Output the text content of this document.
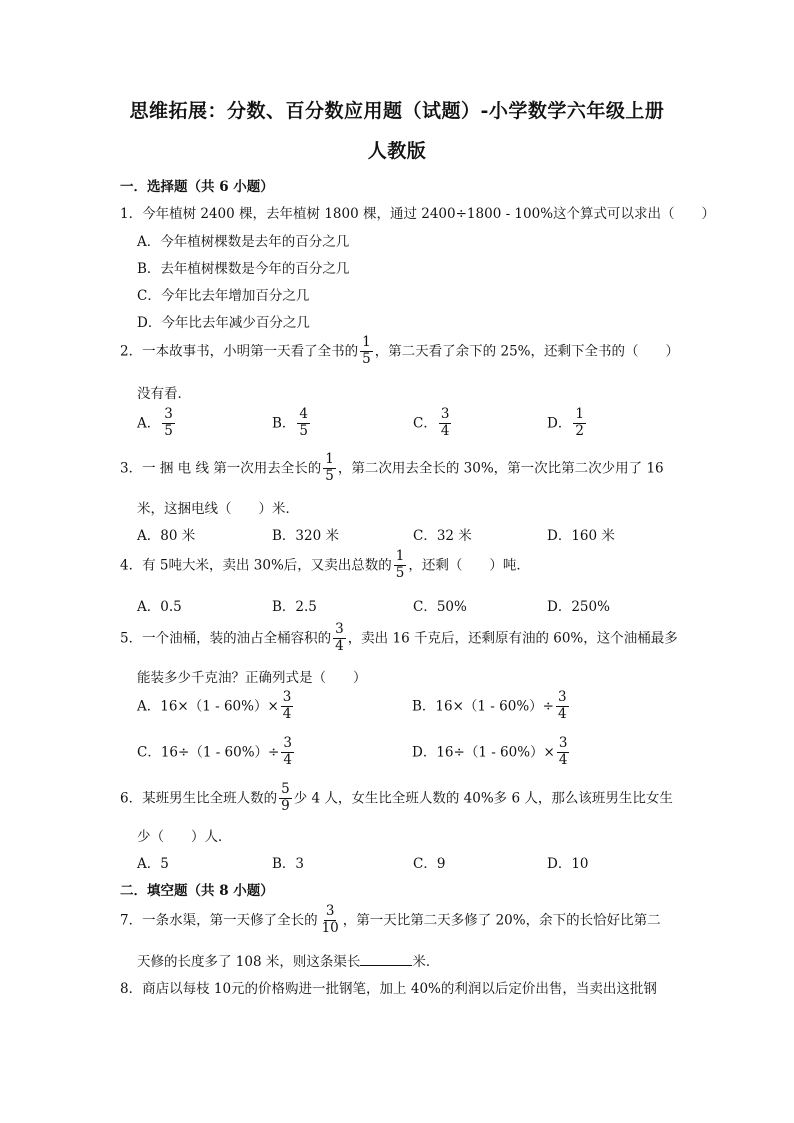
思维拓展：分数、百分数应用题（试题）-小学数学六年级上册
人教版
一．选择题（共 6 小题）
1．今年植树 2400 棵，去年植树 1800 棵，通过 2400÷1800 - 100%这个算式可以求出（　　）
A．今年植树棵数是去年的百分之几
B．去年植树棵数是今年的百分之几
C．今年比去年增加百分之几
D．今年比去年减少百分之几
2．一本故事书，小明第一天看了全书的 $\frac{1}{5}$ ，第二天看了余下的 25%，还剩下全书的（　　）
没有看．
A． $\frac{3}{5}$	B． $\frac{4}{5}$	C． $\frac{3}{4}$	D． $\frac{1}{2}$
3．一 捆 电 线 第一次用去全长的 $\frac{1}{5}$ ，第二次用去全长的 30%，第一次比第二次少用了 16
米，这捆电线（　　）米．
A．80 米	B．320 米	C．32 米	D．160 米
4．有 5吨大米，卖出 30%后，又卖出总数的 $\frac{1}{5}$ ，还剩（　　）吨．
A．0.5	B．2.5	C．50%	D．250%
5．一个油桶，装的油占全桶容积的 $\frac{3}{4}$ ，卖出 16 千克后，还剩原有油的 60%，这个油桶最多
能装多少千克油？正确列式是（　　）
A．$16\times(1 - 60\%)\times \frac{3}{4}$	B．$16\times(1 - 60\%)\div \frac{3}{4}$
C．$16\div(1 - 60\%)\div \frac{3}{4}$	D．$16\div(1 - 60\%)\times \frac{3}{4}$
6．某班男生比全班人数的 $\frac{5}{9}$ 少 4 人，女生比全班人数的 40%多 6 人，那么该班男生比女生
少（　　）人．
A．5	B．3	C．9	D．10
二．填空题（共 8 小题）
7．一条水渠，第一天修了全长的 $\frac{3}{10}$ ，第一天比第二天多修了 20%，余下的长恰好比第二
天修的长度多了 108 米，则这条渠长	米．
8．商店以每枝 10元的价格购进一批钢笔，加上 40%的利润以后定价出售，当卖出这批钢
